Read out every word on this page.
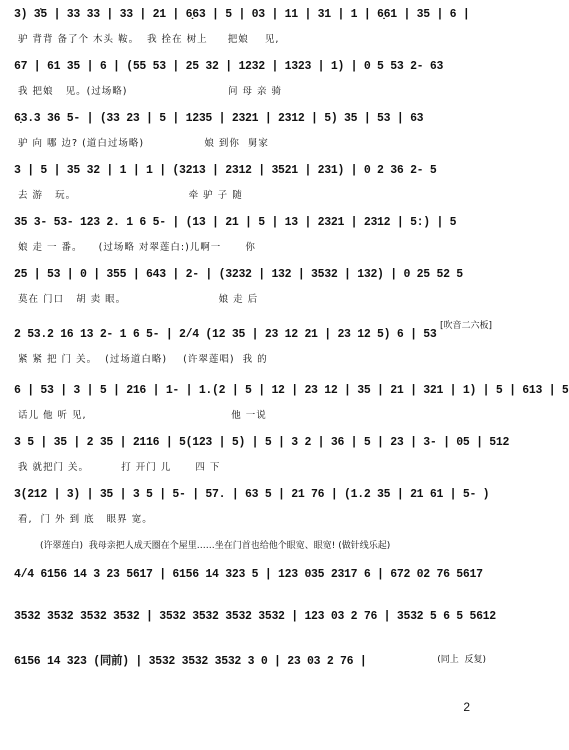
3) 3̇5 | 33 33 | 33 | 21 | 6̣63 | 5 | 03 | 11 | 31 | 1 | 6̣61 | 35 | 6 |
驴 背背 备了个 木头 鞍。  我 拴在 树上     把娘    见,
67 | 61 35 | 6 | (55 53 | 25 32 | 1232 | 1323 | 1) | 0 5 53 2- 63
我 把娘   见。(过场略)                         问 母 亲 骑
6̣3.3 36 5- | (33 23 | 5 | 1235 | 2321 | 2312 | 5) 35 | 53 | 63
驴 向 哪 边? (道白过场略)               娘 到你  舅家
3 | 5 | 35 32 | 1 | 1 | (3213 | 2312 | 3521 | 231) | 0 2 36 2- 5
去 游   玩。                            牵 驴 子 随
35 3- 53- 123 2. 1 6 5- | (13 | 21 | 5 | 13 | 2321 | 2312 | 5:) | 5
娘 走 一 番。    (过场略 对翠莲白:)儿啊一      你
25 | 53 | 0 | 355 | 643 | 2- | (3232 | 132 | 3532 | 132) | 0 25 52 5
莫在 门口   胡 卖 眼。                       娘 走 后
[吹音二六板]
2 53.2 16 13 2- 1 6 5- | 2/4 (12 35 | 23 12 21 | 23 12 5) 6 | 53
紧 紧 把 门 关。  (过场道白略)    (许翠莲唱)  我 的
6 | 53 | 3 | 5 | 216 | 1- | 1.(2 | 5 | 12 | 23 12 | 35 | 21 | 321 | 1) | 5 | 613 | 5
话儿 他 听 见,                                    他 一说
3 5 | 35 | 2 35 | 2116 | 5(123 | 5) | 5 | 3 2 | 36 | 5 | 23 | 3- | 05 | 512
我 就把门 关。        打 开门 儿      四 下
3(212 | 3) | 35 | 3 5 | 5- | 57. | 63 5 | 21 76 | (1.2 35 | 21 61 | 5- )
看,  门 外 到 底   眼界 宽。
(许翠莲白)  我母亲把人成天圈在个屋里……坐在门首也给他个眼宽、眼宽! (做针线乐起)
4/4 6156 14 3 23 5617 | 6156 14 323 5 | 123 035 2317 6 | 672 02 76 5617
3532 3532 3532 3532 | 3532 3532 3532 3532 | 123 03 2 76 | 3532 5 6 5 5612
6156 14 323 (同前) | 3532 3532 3532 3 0 | 23 03 2 76 |	(同上  反复)
2
